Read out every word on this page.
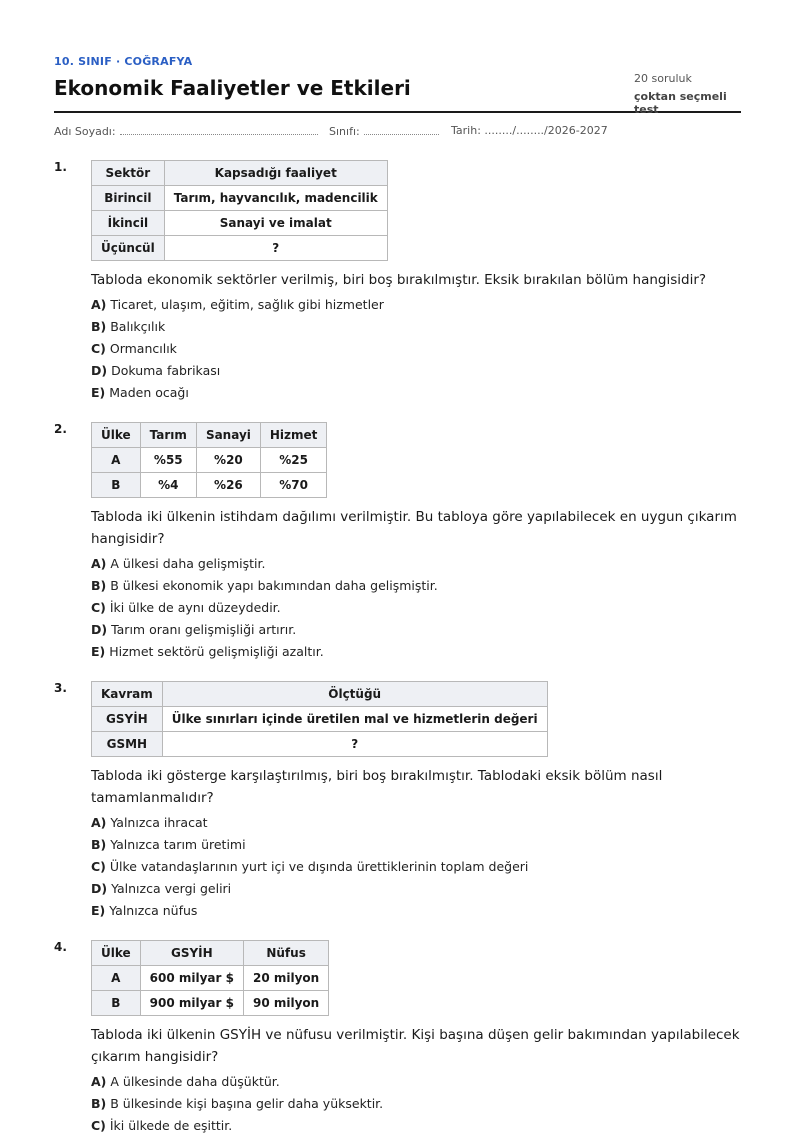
10. SINIF · COĞRAFYA
Ekonomik Faaliyetler ve Etkileri	20 soruluk
çoktan seçmeli test
Adı Soyadı:	Sınıfı:	Tarih: ......../......../2026-2027
1.	Sektör	Kapsadığı faaliyet
Birincil	Tarım, hayvancılık, madencilik
İkincil	Sanayi ve imalat
Üçüncül	?
Tabloda ekonomik sektörler verilmiş, biri boş bırakılmıştır. Eksik bırakılan bölüm hangisidir?
A) Ticaret, ulaşım, eğitim, sağlık gibi hizmetler
B) Balıkçılık
C) Ormancılık
D) Dokuma fabrikası
E) Maden ocağı
2.	Ülke	Tarım	Sanayi	Hizmet
A	%55	%20	%25
B	%4	%26	%70
Tabloda iki ülkenin istihdam dağılımı verilmiştir. Bu tabloya göre yapılabilecek en uygun çıkarım hangisidir?
A) A ülkesi daha gelişmiştir.
B) B ülkesi ekonomik yapı bakımından daha gelişmiştir.
C) İki ülke de aynı düzeydedir.
D) Tarım oranı gelişmişliği artırır.
E) Hizmet sektörü gelişmişliği azaltır.
3.	Kavram	Ölçtüğü
GSYİH	Ülke sınırları içinde üretilen mal ve hizmetlerin değeri
GSMH	?
Tabloda iki gösterge karşılaştırılmış, biri boş bırakılmıştır. Tablodaki eksik bölüm nasıl tamamlanmalıdır?
A) Yalnızca ihracat
B) Yalnızca tarım üretimi
C) Ülke vatandaşlarının yurt içi ve dışında ürettiklerinin toplam değeri
D) Yalnızca vergi geliri
E) Yalnızca nüfus
4.	Ülke	GSYİH	Nüfus
A	600 milyar $	20 milyon
B	900 milyar $	90 milyon
Tabloda iki ülkenin GSYİH ve nüfusu verilmiştir. Kişi başına düşen gelir bakımından yapılabilecek çıkarım hangisidir?
A) A ülkesinde daha düşüktür.
B) B ülkesinde kişi başına gelir daha yüksektir.
C) İki ülkede de eşittir.
